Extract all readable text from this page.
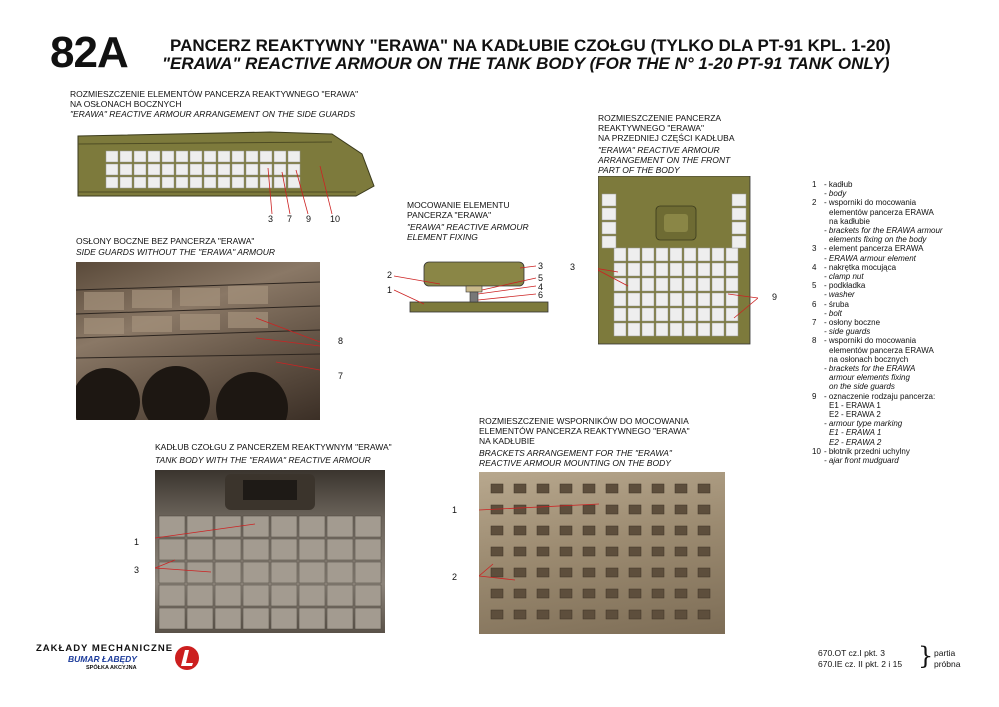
82A PANCERZ REAKTYWNY "ERAWA" NA KADŁUBIE CZOŁGU (TYLKO DLA PT-91 KPL. 1-20)
"ERAWA" REACTIVE ARMOUR ON THE TANK BODY (FOR THE N° 1-20 PT-91 TANK ONLY)
ROZMIESZCZENIE ELEMENTÓW PANCERZA REAKTYWNEGO "ERAWA"
NA OSŁONACH BOCZNYCH
"ERAWA" REACTIVE ARMOUR ARRANGEMENT ON THE SIDE GUARDS
3 7 9 10
OSŁONY BOCZNE BEZ PANCERZA "ERAWA"
SIDE GUARDS WITHOUT THE "ERAWA" ARMOUR
8
7
MOCOWANIE ELEMENTU
PANCERZA "ERAWA"
"ERAWA" REACTIVE ARMOUR
ELEMENT FIXING
2
1
3
5
4
6
ROZMIESZCZENIE PANCERZA
REAKTYWNEGO "ERAWA"
NA PRZEDNIEJ CZĘŚCI KADŁUBA
"ERAWA" REACTIVE ARMOUR
ARRANGEMENT ON THE FRONT
PART OF THE BODY
3
9
1 - kadłub
- body
2 - wsporniki do mocowania
elementów pancerza ERAWA
na kadłubie
- brackets for the ERAWA armour
elements fixing on the body
3 - element pancerza ERAWA
- ERAWA armour element
4 - nakrętka mocująca
- clamp nut
5 - podkładka
- washer
6 - śruba
- bolt
7 - osłony boczne
- side guards
8 - wsporniki do mocowania
elementów pancerza ERAWA
na osłonach bocznych
- brackets for the ERAWA
armour elements fixing
on the side guards
9 - oznaczenie rodzaju pancerza:
E1 - ERAWA 1
E2 - ERAWA 2
- armour type marking
E1 - ERAWA 1
E2 - ERAWA 2
10 - błotnik przedni uchylny
- ajar front mudguard
KADŁUB CZOŁGU Z PANCERZEM REAKTYWNYM "ERAWA"
TANK BODY WITH THE "ERAWA" REACTIVE ARMOUR
1
3
ROZMIESZCZENIE WSPORNIKÓW DO MOCOWANIA
ELEMENTÓW PANCERZA REAKTYWNEGO "ERAWA"
NA KADŁUBIE
BRACKETS ARRANGEMENT FOR THE "ERAWA"
REACTIVE ARMOUR MOUNTING ON THE BODY
1
2
ZAKŁADY MECHANICZNE
BUMAR ŁABĘDY
SPÓŁKA AKCYJNA
670.OT cz.I pkt. 3
670.IE cz. II pkt. 2 i 15 } partia
próbna
